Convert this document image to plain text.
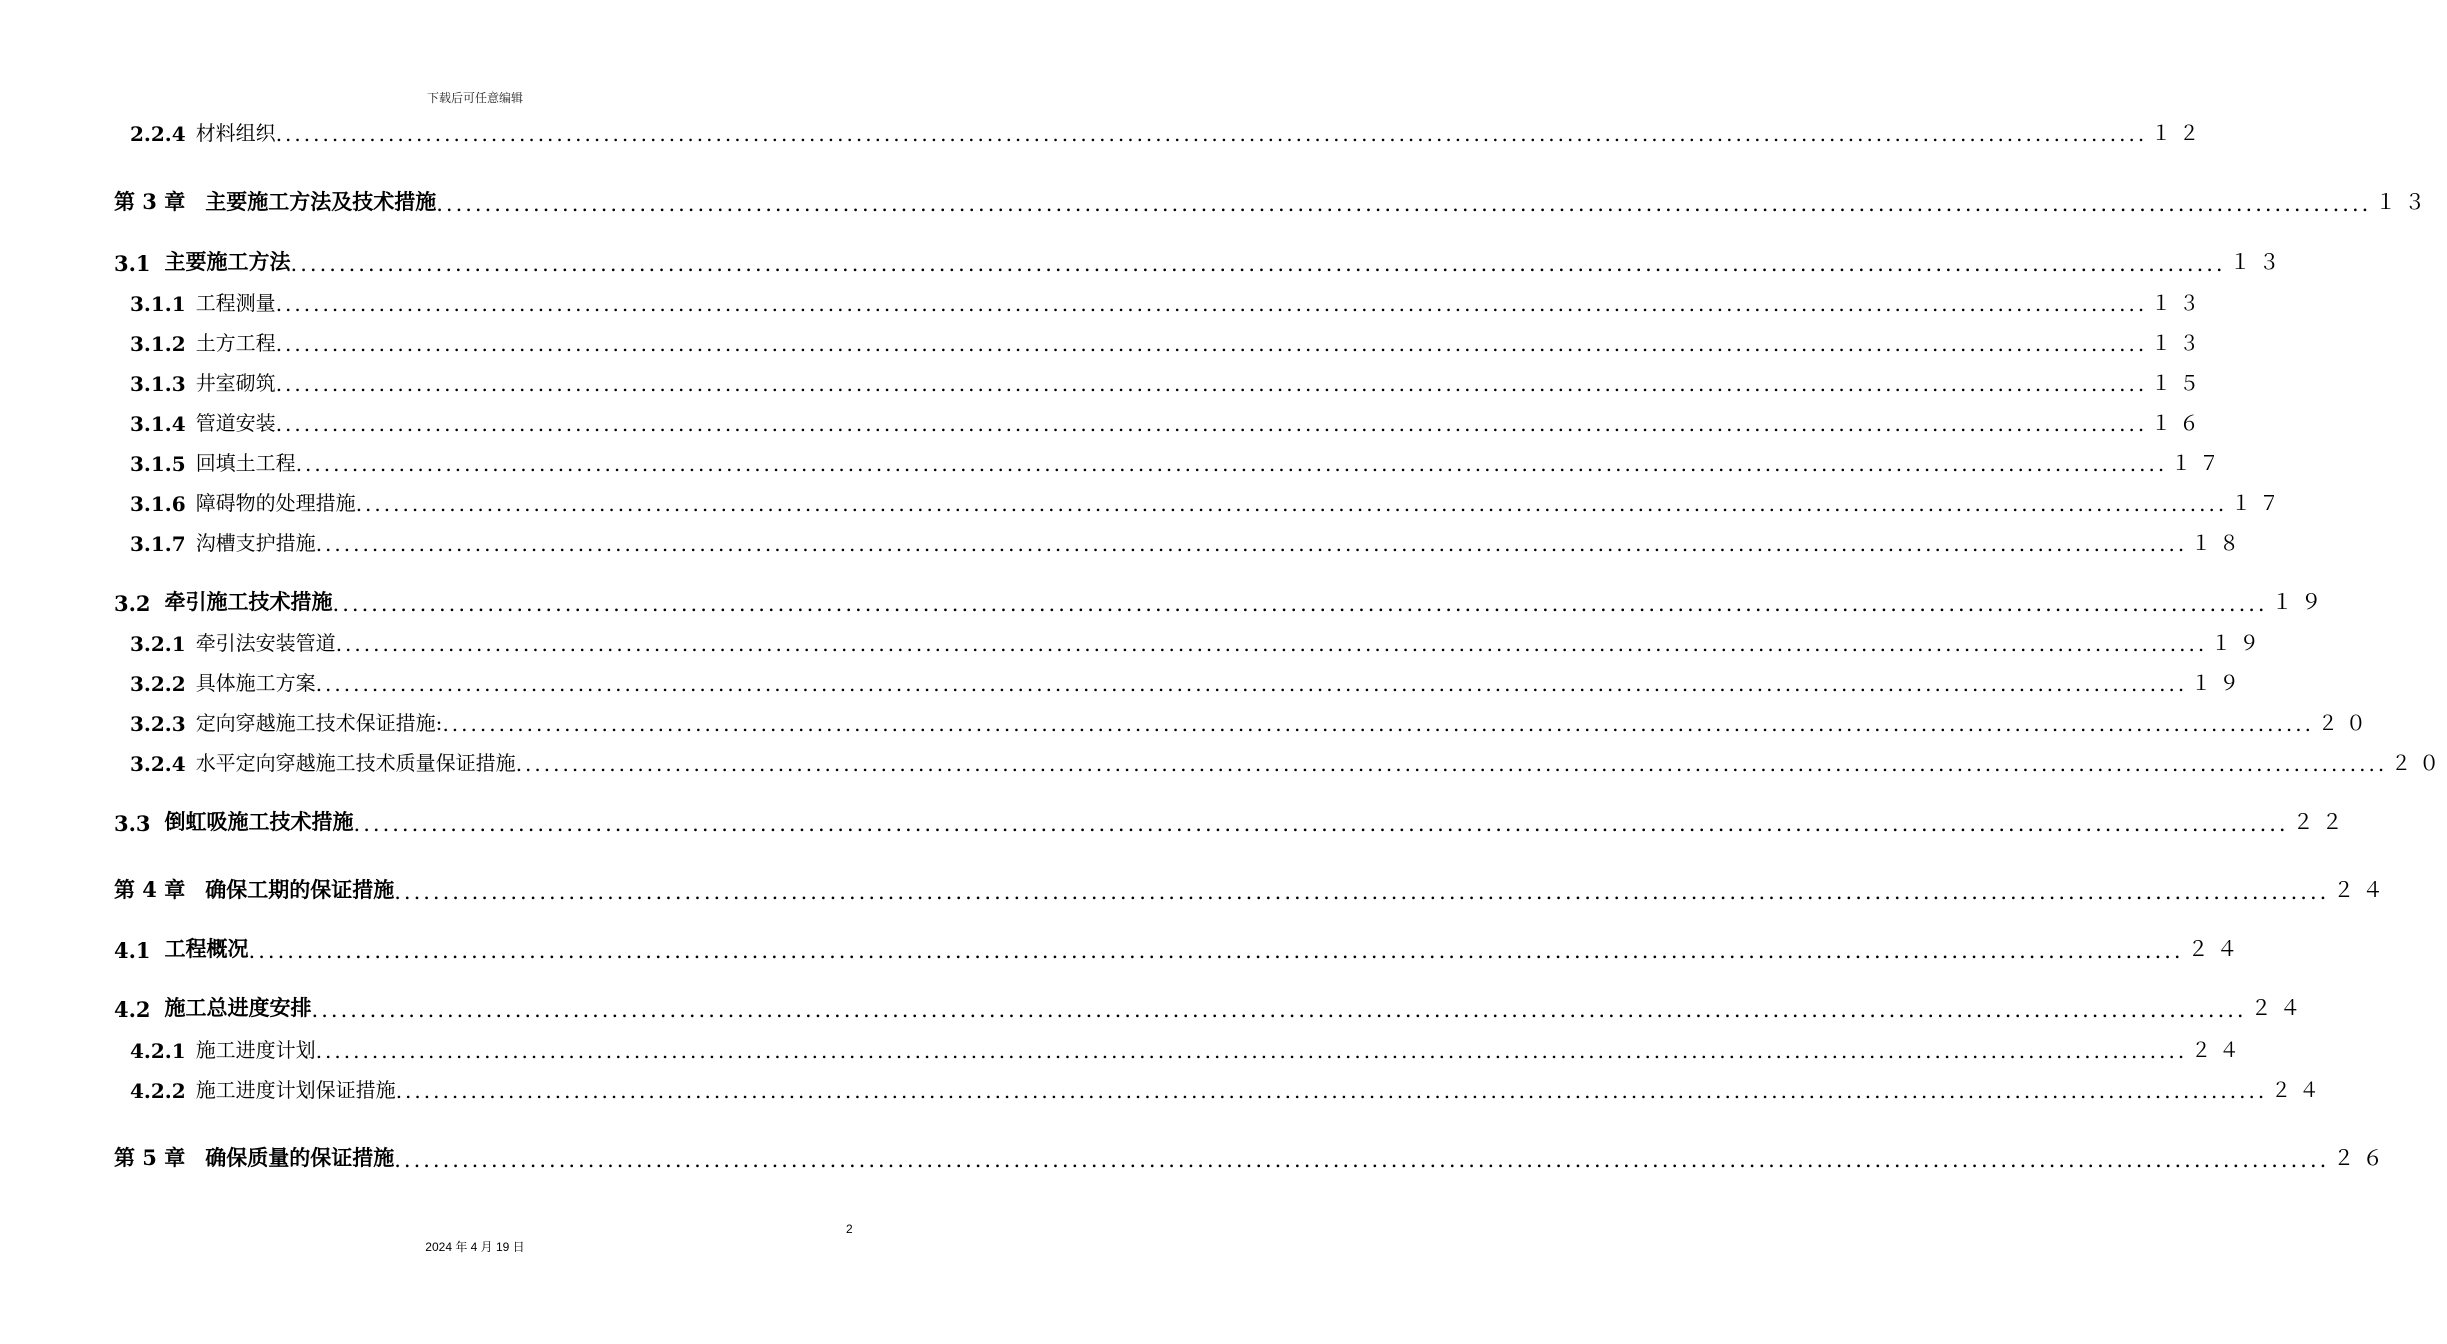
下载后可任意编辑
2.2.4 材料组织 ........................................................................................................................................................................................................ １２
第 3 章 主要施工方法及技术措施 ........................................................................................................................................................................................................ １３
3.1 主要施工方法 ........................................................................................................................................................................................................ １３
3.1.1 工程测量 ........................................................................................................................................................................................................ １３
3.1.2 土方工程 ........................................................................................................................................................................................................ １３
3.1.3 井室砌筑 ........................................................................................................................................................................................................ １５
3.1.4 管道安装 ........................................................................................................................................................................................................ １６
3.1.5 回填土工程 ........................................................................................................................................................................................................ １７
3.1.6 障碍物的处理措施 ........................................................................................................................................................................................................ １７
3.1.7 沟槽支护措施 ........................................................................................................................................................................................................ １８
3.2 牵引施工技术措施 ........................................................................................................................................................................................................ １９
3.2.1 牵引法安装管道 ........................................................................................................................................................................................................ １９
3.2.2 具体施工方案 ........................................................................................................................................................................................................ １９
3.2.3 定向穿越施工技术保证措施: ........................................................................................................................................................................................................ ２０
3.2.4 水平定向穿越施工技术质量保证措施 ........................................................................................................................................................................................................ ２０
3.3 倒虹吸施工技术措施 ........................................................................................................................................................................................................ ２２
第 4 章 确保工期的保证措施 ........................................................................................................................................................................................................ ２４
4.1 工程概况 ........................................................................................................................................................................................................ ２４
4.2 施工总进度安排 ........................................................................................................................................................................................................ ２４
4.2.1 施工进度计划 ........................................................................................................................................................................................................ ２４
4.2.2 施工进度计划保证措施 ........................................................................................................................................................................................................ ２４
第 5 章 确保质量的保证措施 ........................................................................................................................................................................................................ ２６
2
2024 年 4 月 19 日
